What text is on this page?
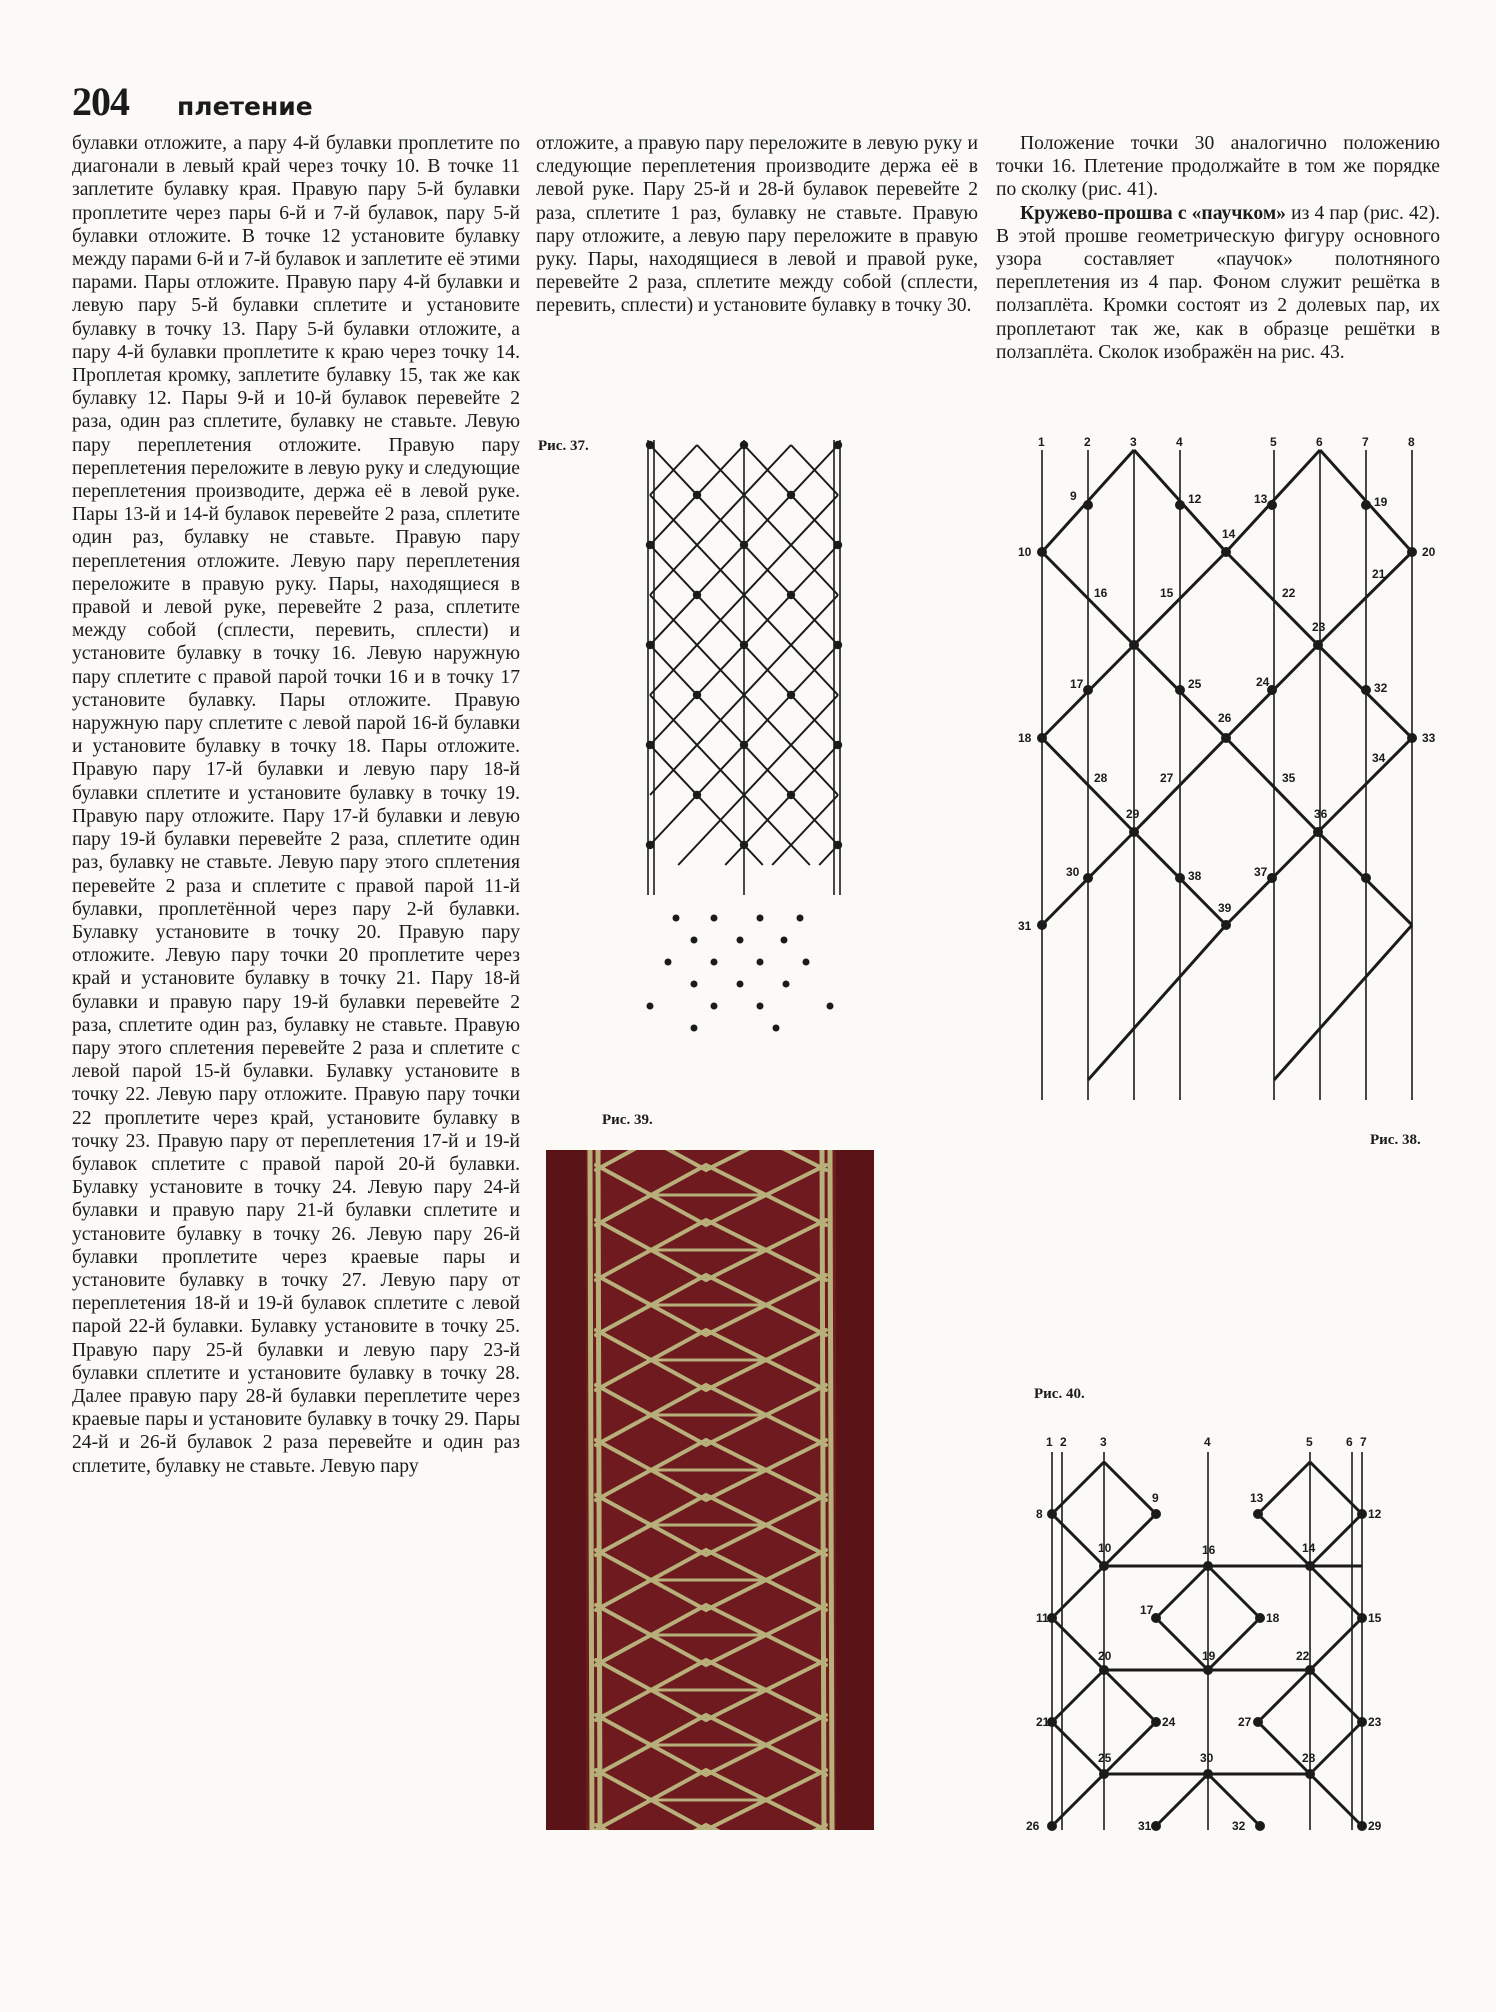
204 плетение

булавки отложите, а пару 4-й булавки проплетите по диагонали в левый край через точку 10. В точке 11 заплетите булавку края. Правую пару 5-й булавки проплетите через пары 6-й и 7-й булавок, пару 5-й булавки отложите. В точке 12 установите булавку между парами 6-й и 7-й булавок и заплетите её этими парами. Пары отложите. Правую пару 4-й булавки и левую пару 5-й булавки сплетите и установите булавку в точку 13. Пару 5-й булавки отложите, а пару 4-й булавки проплетите к краю через точку 14. Проплетая кромку, заплетите булавку 15, так же как булавку 12. Пары 9-й и 10-й булавок перевейте 2 раза, один раз сплетите, булавку не ставьте. Левую пару переплетения отложите. Правую пару переплетения переложите в левую руку и следующие переплетения производите, держа её в левой руке. Пары 13-й и 14-й булавок перевейте 2 раза, сплетите один раз, булавку не ставьте. Правую пару переплетения отложите. Левую пару переплетения переложите в правую руку. Пары, находящиеся в правой и левой руке, перевейте 2 раза, сплетите между собой (сплести, перевить, сплести) и установите булавку в точку 16. Левую наружную пару сплетите с правой парой точки 16 и в точку 17 установите булавку. Пары отложите. Правую наружную пару сплетите с левой парой 16-й булавки и установите булавку в точку 18. Пары отложите. Правую пару 17-й булавки и левую пару 18-й булавки сплетите и установите булавку в точку 19. Правую пару отложите. Пару 17-й булавки и левую пару 19-й булавки перевейте 2 раза, сплетите один раз, булавку не ставьте. Левую пару этого сплетения перевейте 2 раза и сплетите с правой парой 11-й булавки, проплетённой через пару 2-й булавки. Булавку установите в точку 20. Правую пару отложите. Левую пару точки 20 проплетите через край и установите булавку в точку 21. Пару 18-й булавки и правую пару 19-й булавки перевейте 2 раза, сплетите один раз, булавку не ставьте. Правую пару этого сплетения перевейте 2 раза и сплетите с левой парой 15-й булавки. Булавку установите в точку 22. Левую пару отложите. Правую пару точки 22 проплетите через край, установите булавку в точку 23. Правую пару от переплетения 17-й и 19-й булавок сплетите с правой парой 20-й булавки. Булавку установите в точку 24. Левую пару 24-й булавки и правую пару 21-й булавки сплетите и установите булавку в точку 26. Левую пару 26-й булавки проплетите через краевые пары и установите булавку в точку 27. Левую пару от переплетения 18-й и 19-й булавок сплетите с левой парой 22-й булавки. Булавку установите в точку 25. Правую пару 25-й булавки и левую пару 23-й булавки сплетите и установите булавку в точку 28. Далее правую пару 28-й булавки переплетите через краевые пары и установите булавку в точку 29. Пары 24-й и 26-й булавок 2 раза перевейте и один раз сплетите, булавку не ставьте. Левую пару

отложите, а правую пару переложите в левую руку и следующие переплетения производите держа её в левой руке. Пару 25-й и 28-й булавок перевейте 2 раза, сплетите 1 раз, булавку не ставьте. Правую пару отложите, а левую пару переложите в правую руку. Пары, находящиеся в левой и правой руке, перевейте 2 раза, сплетите между собой (сплести, перевить, сплести) и установите булавку в точку 30.

Положение точки 30 аналогично положению точки 16. Плетение продолжайте в том же порядке по сколку (рис. 41).

Кружево-прошва с «паучком» из 4 пар (рис. 42). В этой прошве геометрическую фигуру основного узора составляет «паучок» полотняного переплетения из 4 пар. Фоном служит решётка в ползаплёта. Кромки состоят из 2 долевых пар, их проплетают так же, как в образце решётки в ползаплёта. Сколок изображён на рис. 43.

Рис. 37.
Рис. 38.
Рис. 39.
Рис. 40.
1	2	3	4	5	6	7	8
9	12	13	19
14
10	20
21
16	15	22
23
17	25	24	32
26
18	33
34
28	27	35
29	36
30	38	37
39
31
1 2	3	4	5	6 7
8
9	13
12
10	16	14
11
17
18	15
20	19	22
21	24	27	23
25	30	28
26	31	32	29
